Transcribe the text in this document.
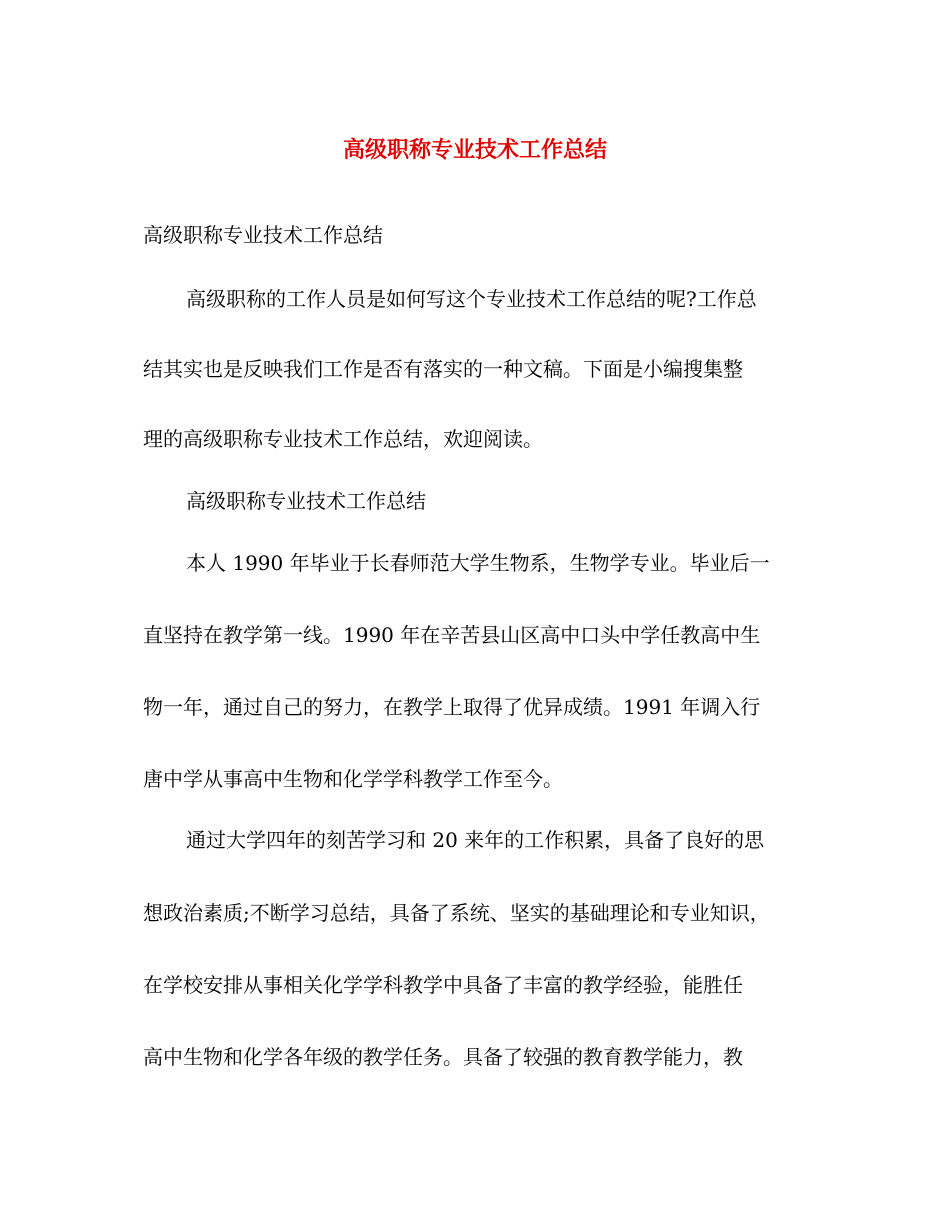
高级职称专业技术工作总结

高级职称专业技术工作总结

高级职称的工作人员是如何写这个专业技术工作总结的呢?工作总

结其实也是反映我们工作是否有落实的一种文稿。下面是小编搜集整

理的高级职称专业技术工作总结，欢迎阅读。

高级职称专业技术工作总结

本人 1990 年毕业于长春师范大学生物系，生物学专业。毕业后一

直坚持在教学第一线。1990 年在辛苦县山区高中口头中学任教高中生

物一年，通过自己的努力，在教学上取得了优异成绩。1991 年调入行

唐中学从事高中生物和化学学科教学工作至今。

通过大学四年的刻苦学习和 20 来年的工作积累，具备了良好的思

想政治素质;不断学习总结，具备了系统、坚实的基础理论和专业知识，

在学校安排从事相关化学学科教学中具备了丰富的教学经验，能胜任

高中生物和化学各年级的教学任务。具备了较强的教育教学能力，教
